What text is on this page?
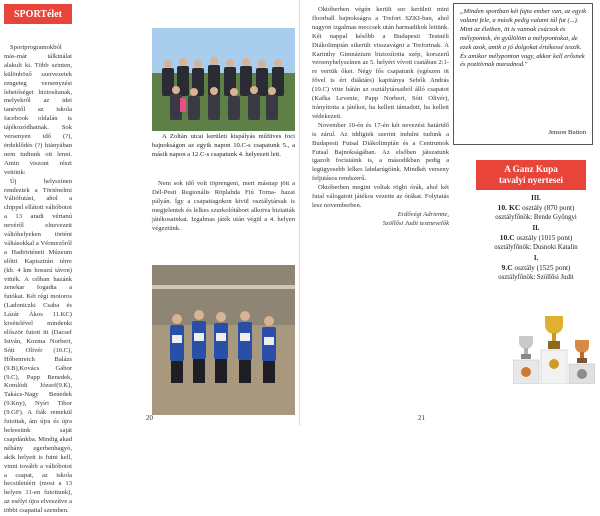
SPORTélet

Sportprogramokból más-már tálkinálat alakult ki. Több szinten, különböző szervezetek rengeteg versenyzési lehetőséget biztosítanak, melyekről az idei tanévtől az iskola facebook oldalán is tájékozódhatnak. Sok versenyen idő (?), érdeklődés (?) hiányában nem tudtunk ott lenni. Amin viszont részt vettünk:

Új helyszínen rendeztek a Történelmi Váltófutást, ahol a chippel ellátott váltóbotot a 13 aradi vértanú nevéről elnevezett váltóhelyeken történt váltásokkal a Vérmezőről a Hadtörténeti Múzeum előtti Kapisztrán térre (kb. 4 km hosszú távon) vitték. A célban hazánk zenekar fogadta a futókat. Két régi motoros (Ladoniczki Csaba és Lázár Ákos 11.KC) kivételével mindenki először futott itt (Dacsef István, Kozma Norbert, Sóti Olivér (10.C), Hőbenreich Balázs (9.B),Kovács Gábor (9.C), Papp Benedek, Komlódi József(9.K), Takács-Nagy Benedek (9.Kny), Nyíri Tibor (9.GF). A fiák remekül futottak, ám újra és újra beleesünk saját csapdánkba. Mindig akad néhány egerhenhagyó, akik helyett is futni kell, vinni tovább a váltóbotot a csapat, az iskola becsületéért (most a 13 helyen 11-en futottunk), az esélyt újra elveszítve a többi csapattal szemben.

A Zoltán utcai kerületi kispályás műfüves foci bajnokságon az egyik napon 10.C-s csapatunk 5., a másik napon a 12.C-s csapatunk 4. helyezett lett.

Nem sok idő volt töprengeni, mert másnap jött a Dél-Pesti Regionális Röplabda Fiú Torna- hazai pályán. Így a csapattagokon kívül osztálytársak is megjelentek és lelkes szurkolótábort alkotva biztatták játékosainkat. Izgalmas játék után végül a 4. helyen végeztünk.

20

Októberben végén került sor kerületi mini floorball bajnokságra a Trefort SZKI-ban, ahol nagyon izgalmas meccsek után harmadikok lettünk. Két nappal később a Budapesti Testnéli Diákolimpián sikerült visszavágni a Trefortnak. A Karinthy Gimnázium biztosította szép, korszerű versenyhelyszínen az 5. helyért vívott csatában 2:1-re vertük őket. Négy fős csapatunk (egészen öt fővel is ért diáktárs) kapitánya Sebők András (10.C) vitte hátán az osztálytársaiból álló csapatot (Kafka Levente, Papp Norbert, Sóti Olivér), irányította a játékot, ha kellett támadott, ha kellett védekezett.

November 10-én és 17-én két nevezési határidő is zárul. Az iddigiek szerint indulni tudunk a Budapesti Futsal Diákolimpián és a Centrumok Futsal Bajnokságában. Az elsőben játszatunk igazolt focistáink is, a másodikban pedig a legügyesebb lelkes labdarúgóink. Mindkét verseny feljutásos rendszerű.

Októberben megint voltak rögbi órák, ahol két futal válogatott játékos vezette az órákat. Folytatás lesz novemberben.

Erdővégi Adrienne,
Szöllősi Judit testnevelők
„Minden sportban két fajta ember van, az egyik valami fele, a másik pedig valami túl fut (...). Mint az életben, itt is vannak csúcsok és mélypontok, én gyűlölöm a mélypontokat, de ezek azok, amik a jó dolgokat értékessé teszik. És amikor mélyponton vagy, akkor kell erősnek és pozitívnak maradnod."
Jenson Button
A Ganz Kupa
tavalyi nyertesei
III.
10. KC osztály (870 pont)
osztályfőnök: Bende Gyöngyi
II.
10.C osztály (1015 pont)
osztályfőnök: Dusnoki Katalin
I.
9.C osztály (1525 pont)
osztályfőnök: Szöllősi Judit
21
